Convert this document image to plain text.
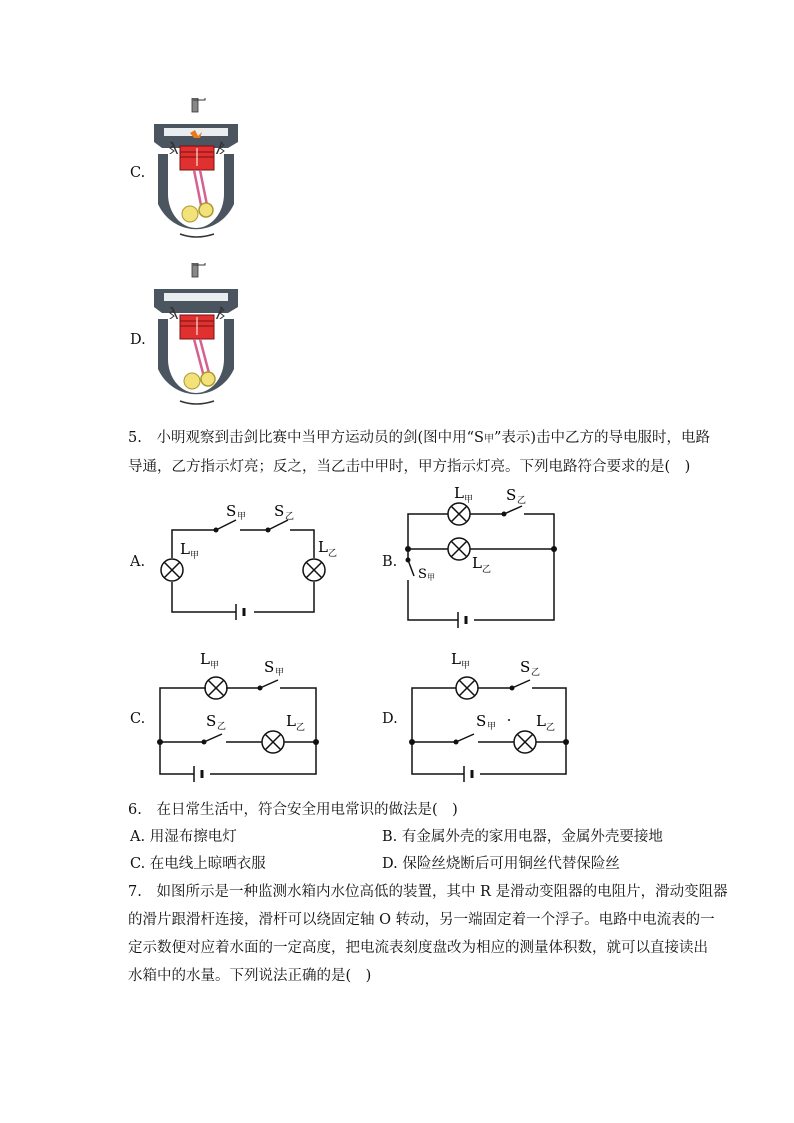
C.
D.
5. 小明观察到击剑比赛中当甲方运动员的剑(图中用“S甲”表示)击中乙方的导电服时，电路
导通，乙方指示灯亮；反之，当乙击中甲时，甲方指示灯亮。下列电路符合要求的是(　)
A.
S 甲 S 乙
L 甲	L 乙	B.
L 甲 S 乙
L 乙
S 甲
C.
L 甲	S 甲
S 乙	L 乙
D.
L 甲	S 乙
S 甲	L 乙
6. 在日常生活中，符合安全用电常识的做法是(　)
A. 用湿布擦电灯	B. 有金属外壳的家用电器，金属外壳要接地
C. 在电线上晾晒衣服	D. 保险丝烧断后可用铜丝代替保险丝
7. 如图所示是一种监测水箱内水位高低的装置，其中 R 是滑动变阻器的电阻片，滑动变阻器
的滑片跟滑杆连接，滑杆可以绕固定轴 O 转动，另一端固定着一个浮子。电路中电流表的一
定示数便对应着水面的一定高度，把电流表刻度盘改为相应的测量体积数，就可以直接读出
水箱中的水量。下列说法正确的是(　)
